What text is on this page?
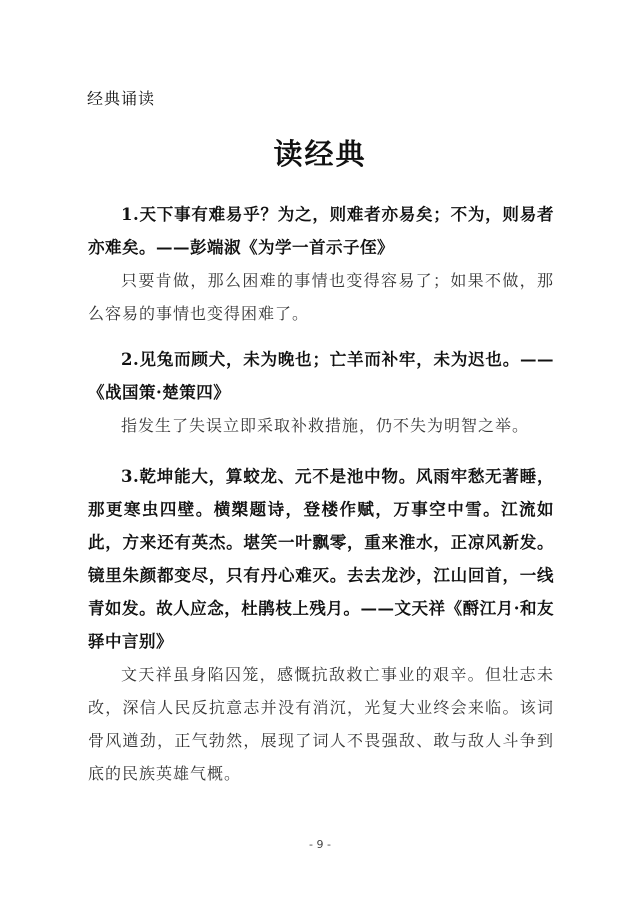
经典诵读
读经典
1.天下事有难易乎？为之，则难者亦易矣；不为，则易者亦难矣。——彭端淑《为学一首示子侄》
只要肯做，那么困难的事情也变得容易了；如果不做，那么容易的事情也变得困难了。
2.见兔而顾犬，未为晚也；亡羊而补牢，未为迟也。——《战国策·楚策四》
指发生了失误立即采取补救措施，仍不失为明智之举。
3.乾坤能大，算蛟龙、元不是池中物。风雨牢愁无著睡，那更寒虫四壁。横槊题诗，登楼作赋，万事空中雪。江流如此，方来还有英杰。堪笑一叶飘零，重来淮水，正凉风新发。镜里朱颜都变尽，只有丹心难灭。去去龙沙，江山回首，一线青如发。故人应念，杜鹃枝上残月。——文天祥《酹江月·和友驿中言别》
文天祥虽身陷囚笼，感慨抗敌救亡事业的艰辛。但壮志未改，深信人民反抗意志并没有消沉，光复大业终会来临。该词骨风遒劲，正气勃然，展现了词人不畏强敌、敢与敌人斗争到底的民族英雄气概。
- 9 -
